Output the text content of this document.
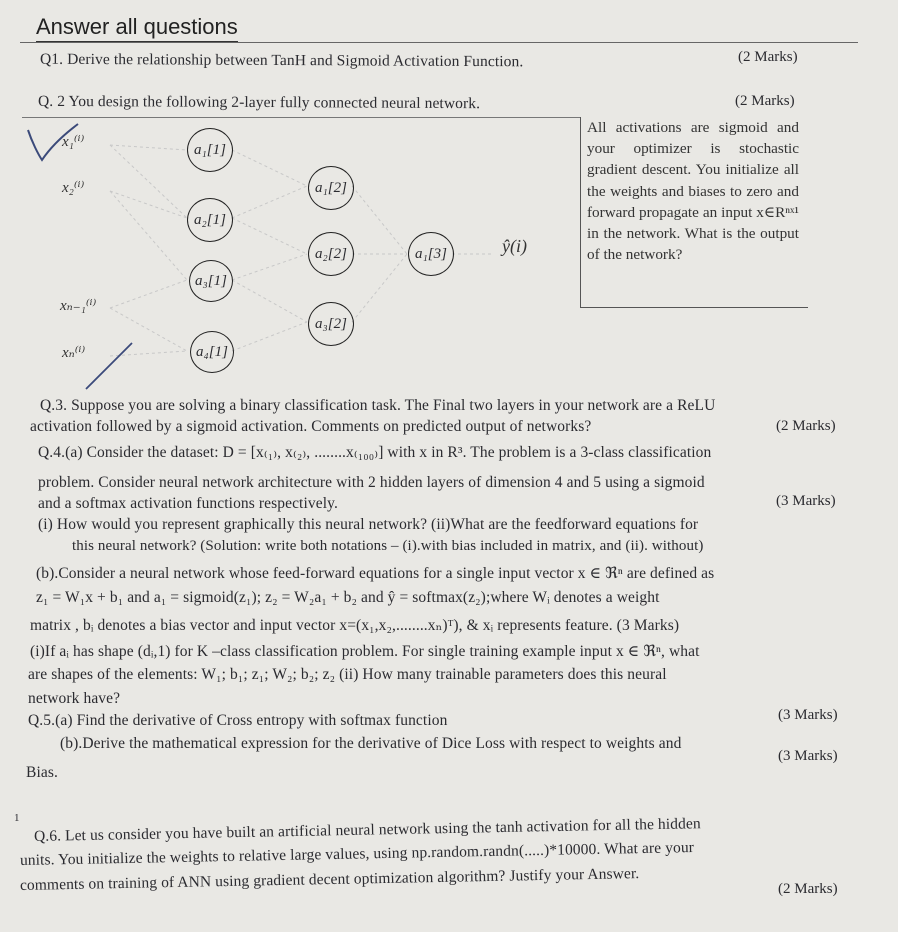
Answer all questions
Q1. Derive the relationship between TanH and Sigmoid Activation Function.	(2 Marks)
Q. 2 You design the following 2-layer fully connected neural network.	(2 Marks)
x₁⁽ⁱ⁾
x₂⁽ⁱ⁾
xₙ₋₁⁽ⁱ⁾
xₙ⁽ⁱ⁾
a₁[1]
a₂[1]
a₃[1]
a₄[1]
a₁[2]
a₂[2]
a₃[2]
a₁[3]	ŷ(i)
All activations are sigmoid and your optimizer is stochastic gradient descent. You initialize all the weights and biases to zero and forward propagate an input x∈Rⁿˣ¹ in the network. What is the output of the network?
Q.3. Suppose you are solving a binary classification task. The Final two layers in your network are a ReLU
activation followed by a sigmoid activation. Comments on predicted output of networks?	(2 Marks)
Q.4.(a) Consider the dataset: D = [x₍₁₎, x₍₂₎, ........x₍₁₀₀₎] with x in R³. The problem is a 3-class classification
problem. Consider neural network architecture with 2 hidden layers of dimension 4 and 5 using a sigmoid
and a softmax activation functions respectively.	(3 Marks)
(i) How would you represent graphically this neural network? (ii)What are the feedforward equations for
this neural network? (Solution: write both notations – (i).with bias included in matrix, and (ii). without)
(b).Consider a neural network whose feed-forward equations for a single input vector x ∈ ℜⁿ are defined as
z₁ = W₁x + b₁ and a₁ = sigmoid(z₁); z₂ = W₂a₁ + b₂ and ŷ = softmax(z₂);where Wᵢ denotes a weight
matrix , bᵢ denotes a bias vector and input vector x=(x₁,x₂,........xₙ)ᵀ), & xᵢ represents feature. (3 Marks)
(i)If aᵢ has shape (dᵢ,1) for K –class classification problem. For single training example input x ∈ ℜⁿ, what
are shapes of the elements: W₁; b₁; z₁; W₂; b₂; z₂ (ii) How many trainable parameters does this neural
network have?
Q.5.(a) Find the derivative of Cross entropy with softmax function	(3 Marks)
(b).Derive the mathematical expression for the derivative of Dice Loss with respect to weights and
Bias.
(3 Marks)
1 Q.6. Let us consider you have built an artificial neural network using the tanh activation for all the hidden
units. You initialize the weights to relative large values, using np.random.randn(.....)*10000. What are your
comments on training of ANN using gradient decent optimization algorithm? Justify your Answer.	(2 Marks)
